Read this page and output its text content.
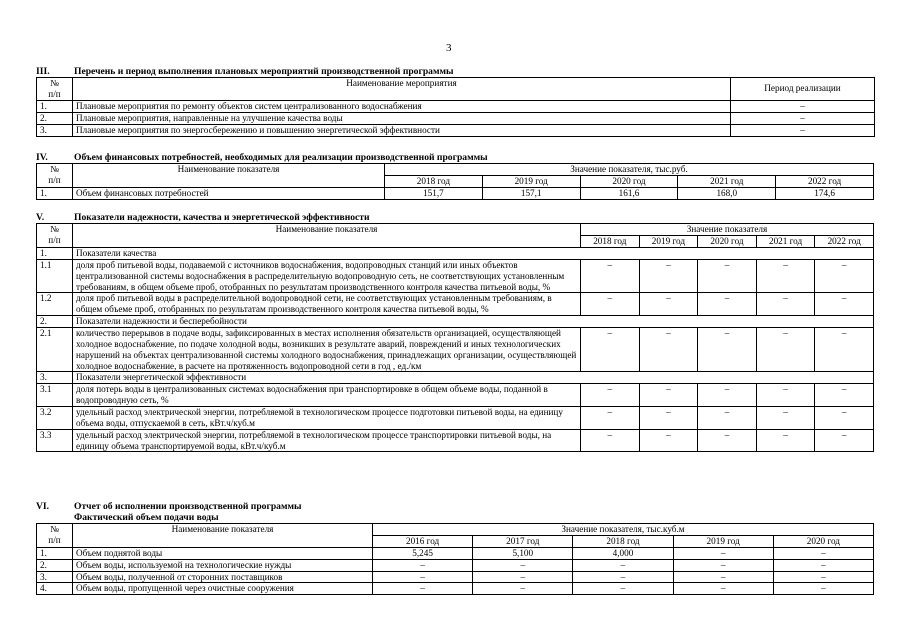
3
III.	Перечень и период выполнения плановых мероприятий производственной программы
№
п/п	Наименование мероприятия	Период реализации
1.	Плановые мероприятия по ремонту объектов систем централизованного водоснабжения	–
2.	Плановые мероприятия, направленные на улучшение качества воды	–
3.	Плановые мероприятия по энергосбережению и повышению энергетической эффективности	–
IV.	Объем финансовых потребностей, необходимых для реализации производственной программы
№
п/п	Наименование показателя	Значение показателя, тыс.руб.				
		2018 год	2019 год	2020 год	2021 год	2022 год
1.	Объем финансовых потребностей	151,7	157,1	161,6	168,0	174,6
V.	Показатели надежности, качества и энергетической эффективности
№
п/п	Наименование показателя	Значение показателя				
		2018 год	2019 год	2020 год	2021 год	2022 год
1.	Показатели качества					
1.1	доля проб питьевой воды, подаваемой с источников водоснабжения, водопроводных станций или иных объектов централизованной системы водоснабжения в распределительную водопроводную сеть, не соответствующих установленным требованиям, в общем объеме проб, отобранных по результатам производственного контроля качества питьевой воды, %	–	–	–	–	–
1.2	доля проб питьевой воды в распределительной водопроводной сети, не соответствующих установленным требованиям, в общем объеме проб, отобранных по результатам производственного контроля качества питьевой воды, %	–	–	–	–	–
2.	Показатели надежности и бесперебойности					
2.1	количество перерывов в подаче воды, зафиксированных в местах исполнения обязательств организацией, осуществляющей холодное водоснабжение, по подаче холодной воды, возникших в результате аварий, повреждений и иных технологических нарушений на объектах централизованной системы холодного водоснабжения, принадлежащих организации, осуществляющей холодное водоснабжение, в расчете на протяженность водопроводной сети в год , ед./км	–	–	–	–	–
3.	Показатели энергетической эффективности					
3.1	доля потерь воды в централизованных системах водоснабжения при транспортировке в общем объеме воды, поданной в водопроводную сеть, %	–	–	–	–	–
3.2	удельный расход электрической энергии, потребляемой в технологическом процессе подготовки питьевой воды, на единицу объема воды, отпускаемой в сеть, кВт.ч/куб.м	–	–	–	–	–
3.3	удельный расход электрической энергии, потребляемой в технологическом процессе транспортировки питьевой воды, на единицу объема транспортируемой воды, кВт.ч/куб.м	–	–	–	–	–
VI.	Отчет об исполнении производственной программы
Фактический объем подачи воды
№
п/п	Наименование показателя	Значение показателя, тыс.куб.м				
		2016 год	2017 год	2018 год	2019 год	2020 год
1.	Объем поднятой воды	5,245	5,100	4,000	–	–
2.	Объем воды, используемой на технологические нужды	–	–	–	–	–
3.	Объем воды, полученной от сторонних поставщиков	–	–	–	–	–
4.	Объем воды, пропущенной через очистные сооружения	–	–	–	–	–
